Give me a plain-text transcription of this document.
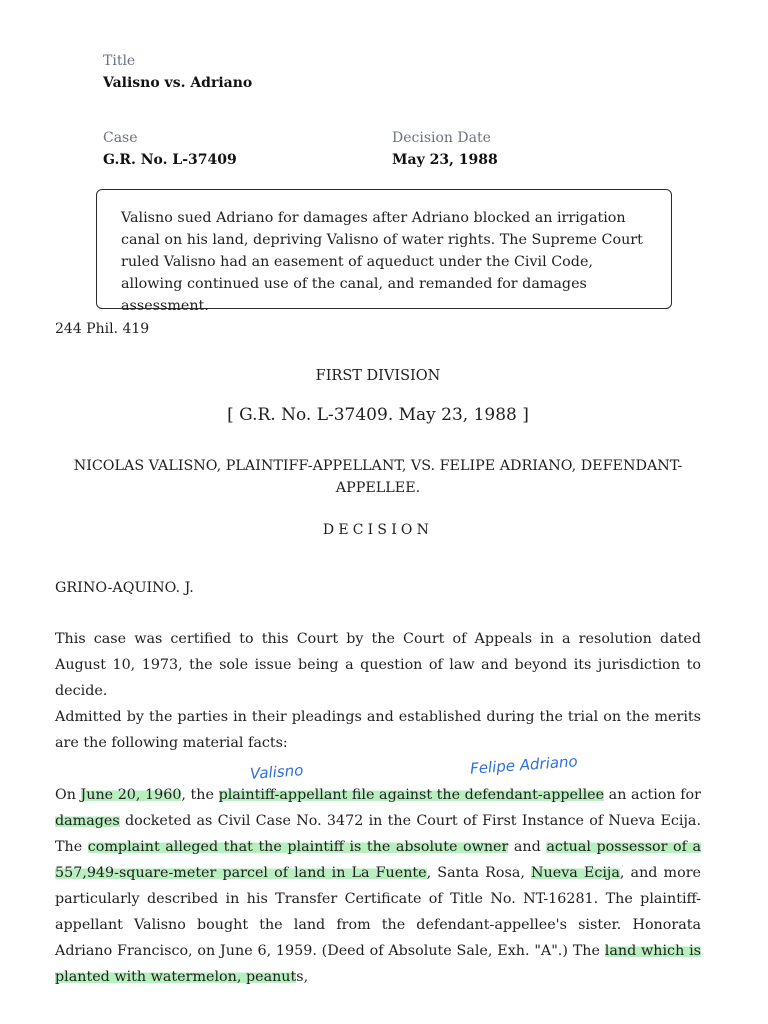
Title
Valisno vs. Adriano
Case
G.R. No. L-37409
Decision Date
May 23, 1988
Valisno sued Adriano for damages after Adriano blocked an irrigation canal on his land, depriving Valisno of water rights. The Supreme Court ruled Valisno had an easement of aqueduct under the Civil Code, allowing continued use of the canal, and remanded for damages assessment.
244 Phil. 419
FIRST DIVISION
[ G.R. No. L-37409. May 23, 1988 ]
NICOLAS VALISNO, PLAINTIFF-APPELLANT, VS. FELIPE ADRIANO, DEFENDANT-APPELLEE.
DECISION

GRINO-AQUINO. J.

This case was certified to this Court by the Court of Appeals in a resolution dated August 10, 1973, the sole issue being a question of law and beyond its jurisdiction to decide.

Admitted by the parties in their pleadings and established during the trial on the merits are the following material facts:

Valisno	Felipe Adriano

On June 20, 1960, the plaintiff-appellant file against the defendant-appellee an action for damages docketed as Civil Case No. 3472 in the Court of First Instance of Nueva Ecija. The complaint alleged that the plaintiff is the absolute owner and actual possessor of a 557,949-square-meter parcel of land in La Fuente, Santa Rosa, Nueva Ecija, and more particularly described in his Transfer Certificate of Title No. NT-16281. The plaintiff-appellant Valisno bought the land from the defendant-appellee's sister. Honorata Adriano Francisco, on June 6, 1959. (Deed of Absolute Sale, Exh. "A".) The land which is planted with watermelon, peanuts,
